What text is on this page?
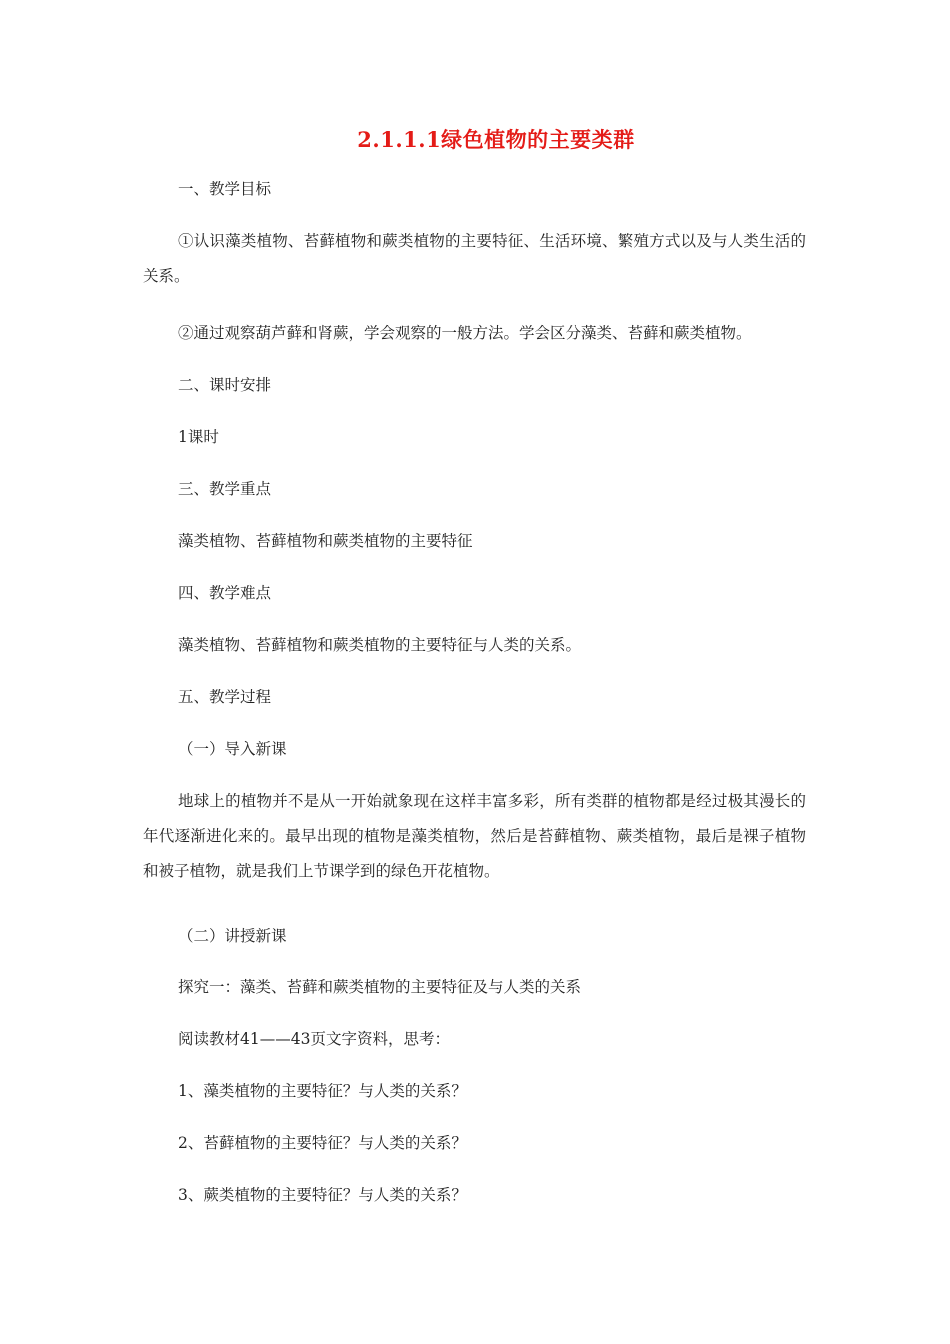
2.1.1.1绿色植物的主要类群
一、教学目标
①认识藻类植物、苔藓植物和蕨类植物的主要特征、生活环境、繁殖方式以及与人类生活的关系。
②通过观察葫芦藓和肾蕨，学会观察的一般方法。学会区分藻类、苔藓和蕨类植物。
二、课时安排
1课时
三、教学重点
藻类植物、苔藓植物和蕨类植物的主要特征
四、教学难点
藻类植物、苔藓植物和蕨类植物的主要特征与人类的关系。
五、教学过程
（一）导入新课
地球上的植物并不是从一开始就象现在这样丰富多彩，所有类群的植物都是经过极其漫长的年代逐渐进化来的。最早出现的植物是藻类植物，然后是苔藓植物、蕨类植物，最后是裸子植物和被子植物，就是我们上节课学到的绿色开花植物。
（二）讲授新课
探究一：藻类、苔藓和蕨类植物的主要特征及与人类的关系
阅读教材41——43页文字资料，思考：
1、藻类植物的主要特征？与人类的关系？
2、苔藓植物的主要特征？与人类的关系？
3、蕨类植物的主要特征？与人类的关系？
